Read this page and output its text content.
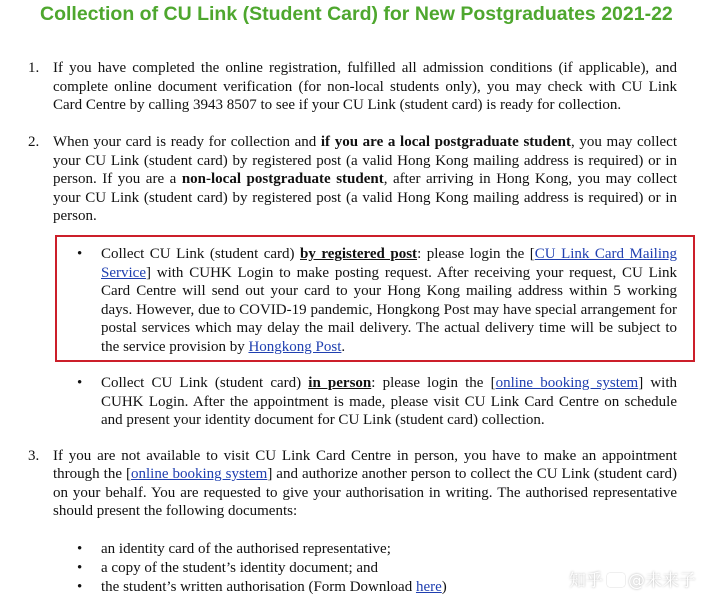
Collection of CU Link (Student Card) for New Postgraduates 2021-22
1. If you have completed the online registration, fulfilled all admission conditions (if applicable), and complete online document verification (for non-local students only), you may check with CU Link Card Centre by calling 3943 8507 to see if your CU Link (student card) is ready for collection.
2. When your card is ready for collection and if you are a local postgraduate student, you may collect your CU Link (student card) by registered post (a valid Hong Kong mailing address is required) or in person. If you are a non-local postgraduate student, after arriving in Hong Kong, you may collect your CU Link (student card) by registered post (a valid Hong Kong mailing address is required) or in person.
• Collect CU Link (student card) by registered post: please login the [CU Link Card Mailing Service] with CUHK Login to make posting request. After receiving your request, CU Link Card Centre will send out your card to your Hong Kong mailing address within 5 working days. However, due to COVID-19 pandemic, Hongkong Post may have special arrangement for postal services which may delay the mail delivery. The actual delivery time will be subject to the service provision by Hongkong Post.
• Collect CU Link (student card) in person: please login the [online booking system] with CUHK Login. After the appointment is made, please visit CU Link Card Centre on schedule and present your identity document for CU Link (student card) collection.
3. If you are not available to visit CU Link Card Centre in person, you have to make an appointment through the [online booking system] and authorize another person to collect the CU Link (student card) on your behalf. You are requested to give your authorisation in writing. The authorised representative should present the following documents:
• an identity card of the authorised representative;
• a copy of the student’s identity document; and
• the student’s written authorisation (Form Download here)	知乎 @未来子
